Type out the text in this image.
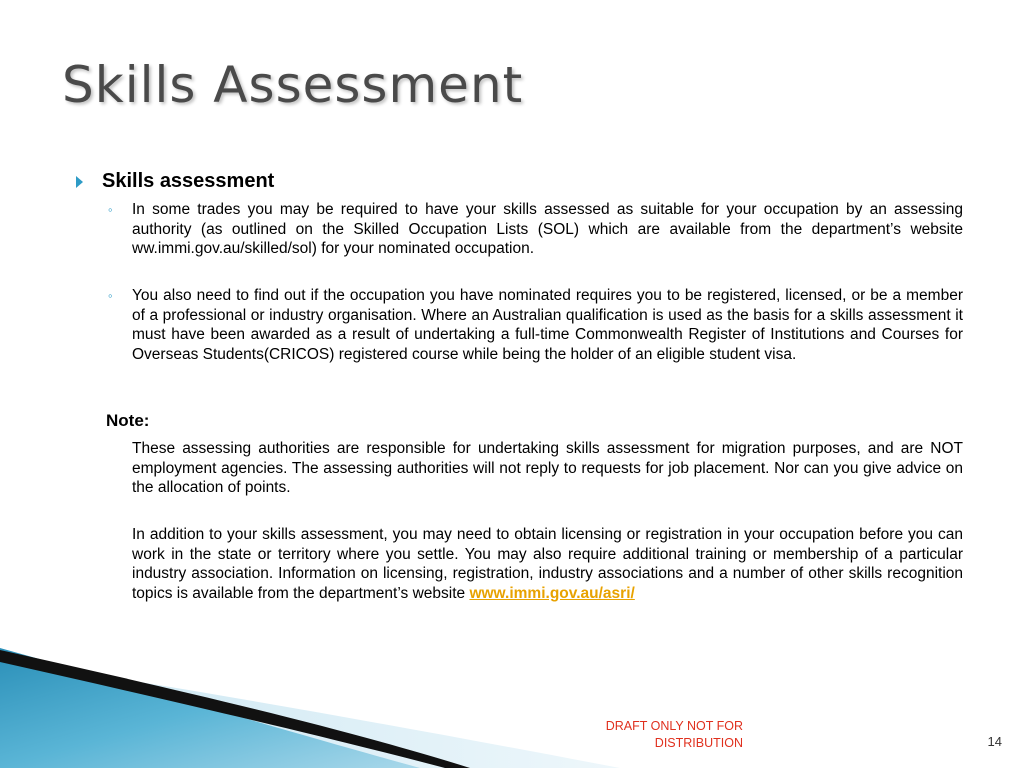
Skills Assessment
Skills assessment
◦ In some trades you may be required to have your skills assessed as suitable for your occupation by an assessing authority (as outlined on the Skilled Occupation Lists (SOL) which are available from the department’s website ww.immi.gov.au/skilled/sol) for your nominated occupation.
◦ You also need to find out if the occupation you have nominated requires you to be registered, licensed, or be a member of a professional or industry organisation. Where an Australian qualification is used as the basis for a skills assessment it must have been awarded as a result of undertaking a full-time Commonwealth Register of Institutions and Courses for Overseas Students(CRICOS) registered course while being the holder of an eligible student visa.
Note:
These assessing authorities are responsible for undertaking skills assessment for migration purposes, and are NOT employment agencies. The assessing authorities will not reply to requests for job placement. Nor can you give advice on the allocation of points.
In addition to your skills assessment, you may need to obtain licensing or registration in your occupation before you can work in the state or territory where you settle. You may also require additional training or membership of a particular industry association. Information on licensing, registration, industry associations and a number of other skills recognition topics is available from the department’s website www.immi.gov.au/asri/
DRAFT ONLY NOT FOR
DISTRIBUTION	14
